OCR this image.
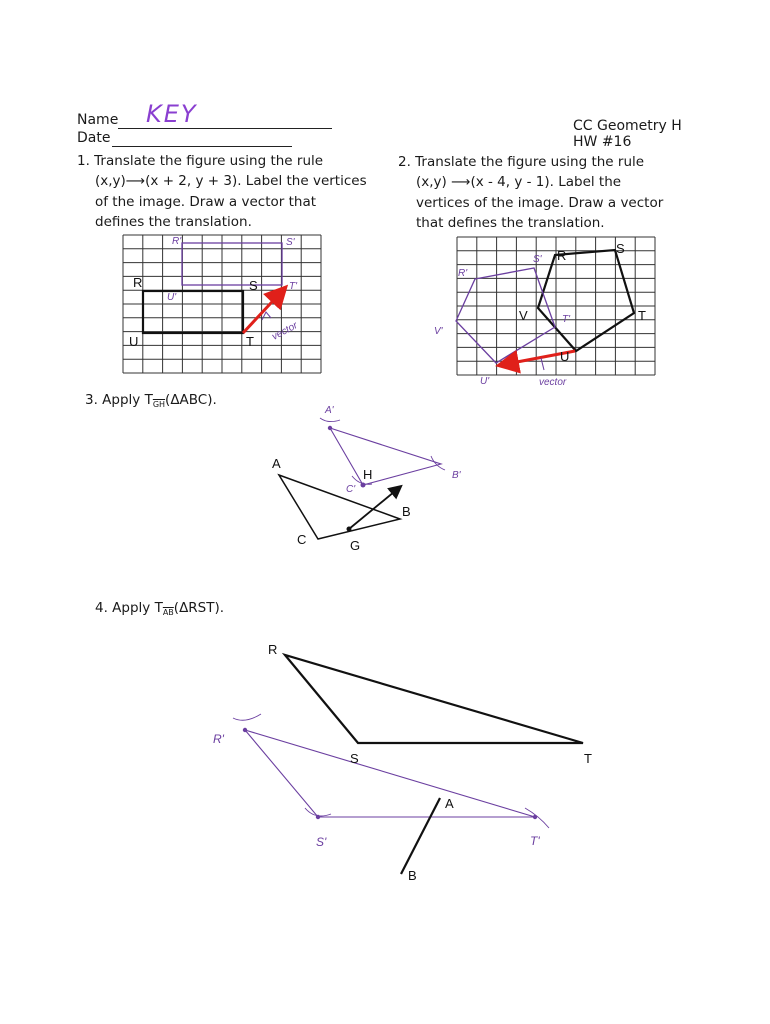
Name KEY
Date
CC Geometry H
HW #16
1. Translate the figure using the rule
(x,y)⟶(x + 2, y + 3). Label the vertices
of the image. Draw a vector that
defines the translation.
2. Translate the figure using the rule
(x,y) ⟶(x - 4, y - 1). Label the
vertices of the image. Draw a vector
that defines the translation.
3. Apply $T_{\overline{GH}}(\Delta ABC)$.
4. Apply $T_{\overline{AB}}(\Delta RST)$.
R	S
U	T
R'	S'
U'
T'
vector
R	S
T
U
V
R'
S'
T'
U'
V'
vector
A
B
C	G
H
A'
B'
C'
R
S	T
A
B
R'
S'	T'
